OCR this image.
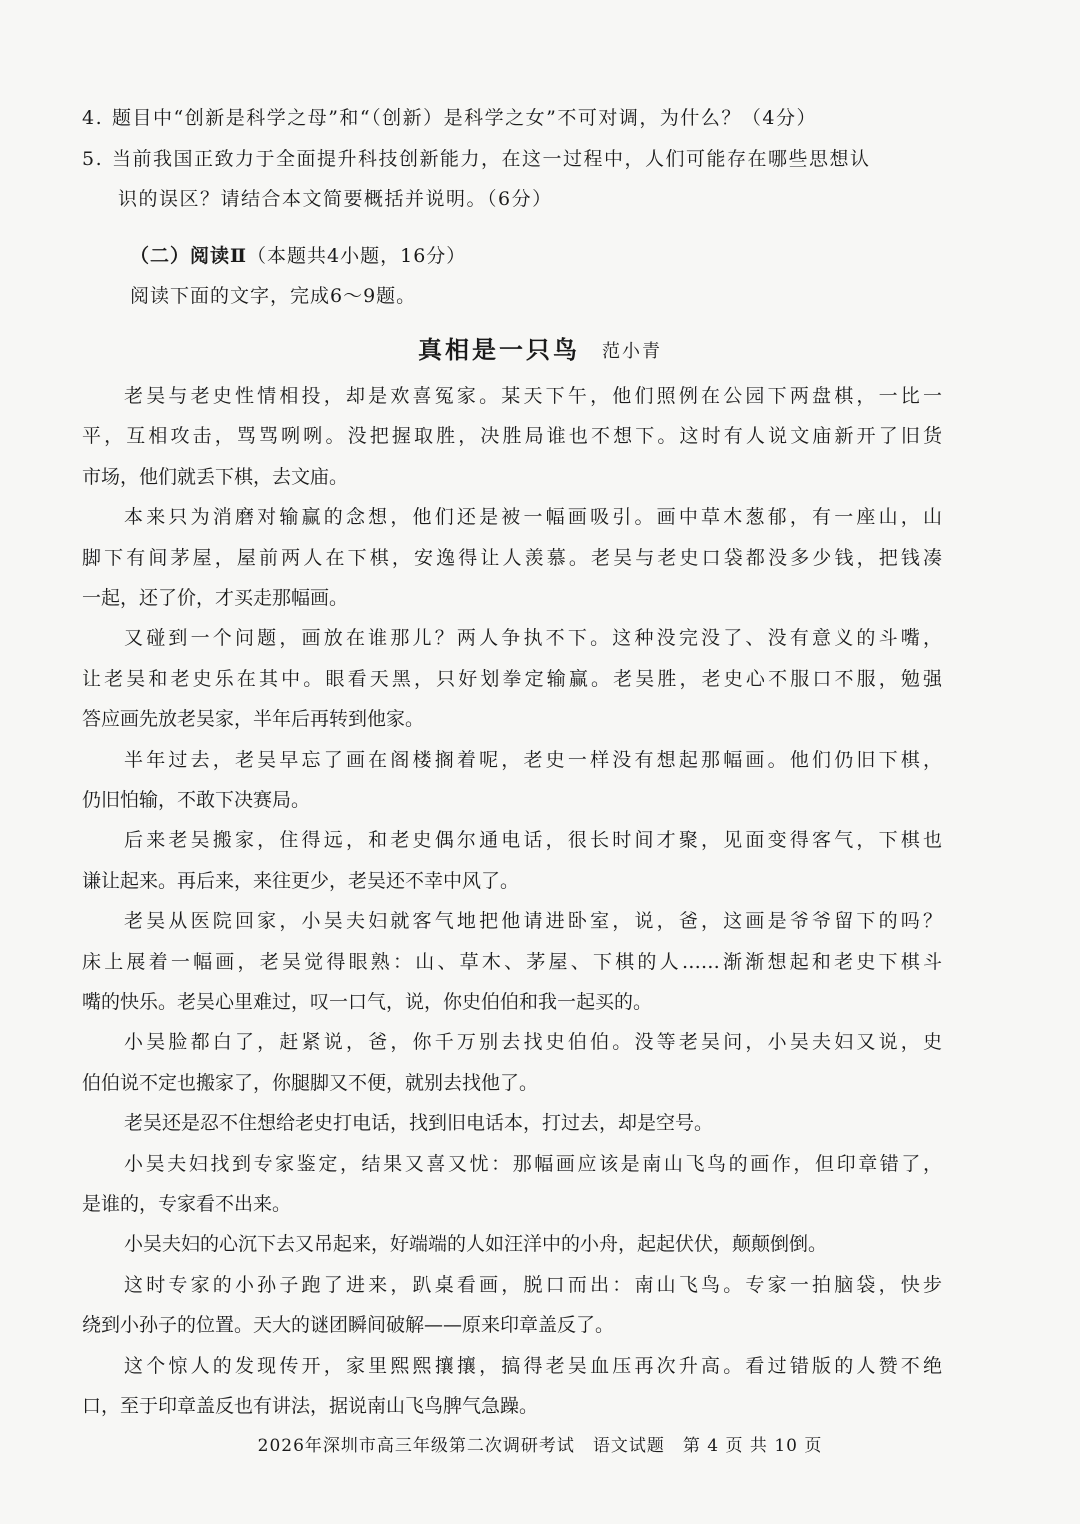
4. 题目中“创新是科学之母”和“（创新）是科学之女”不可对调，为什么？（4分）
5. 当前我国正致力于全面提升科技创新能力，在这一过程中，人们可能存在哪些思想认
识的误区？请结合本文简要概括并说明。（6分）
（二）阅读Ⅱ（本题共4小题，16分）
阅读下面的文字，完成6～9题。
真相是一只鸟 范小青
老吴与老史性情相投，却是欢喜冤家。某天下午，他们照例在公园下两盘棋，一比一
平，互相攻击，骂骂咧咧。没把握取胜，决胜局谁也不想下。这时有人说文庙新开了旧货
市场，他们就丢下棋，去文庙。
本来只为消磨对输赢的念想，他们还是被一幅画吸引。画中草木葱郁，有一座山，山
脚下有间茅屋，屋前两人在下棋，安逸得让人羡慕。老吴与老史口袋都没多少钱，把钱凑
一起，还了价，才买走那幅画。
又碰到一个问题，画放在谁那儿？两人争执不下。这种没完没了、没有意义的斗嘴，
让老吴和老史乐在其中。眼看天黑，只好划拳定输赢。老吴胜，老史心不服口不服，勉强
答应画先放老吴家，半年后再转到他家。
半年过去，老吴早忘了画在阁楼搁着呢，老史一样没有想起那幅画。他们仍旧下棋，
仍旧怕输，不敢下决赛局。
后来老吴搬家，住得远，和老史偶尔通电话，很长时间才聚，见面变得客气，下棋也
谦让起来。再后来，来往更少，老吴还不幸中风了。
老吴从医院回家，小吴夫妇就客气地把他请进卧室，说，爸，这画是爷爷留下的吗？
床上展着一幅画，老吴觉得眼熟：山、草木、茅屋、下棋的人……渐渐想起和老史下棋斗
嘴的快乐。老吴心里难过，叹一口气，说，你史伯伯和我一起买的。
小吴脸都白了，赶紧说，爸，你千万别去找史伯伯。没等老吴问，小吴夫妇又说，史
伯伯说不定也搬家了，你腿脚又不便，就别去找他了。
老吴还是忍不住想给老史打电话，找到旧电话本，打过去，却是空号。
小吴夫妇找到专家鉴定，结果又喜又忧：那幅画应该是南山飞鸟的画作，但印章错了，
是谁的，专家看不出来。
小吴夫妇的心沉下去又吊起来，好端端的人如汪洋中的小舟，起起伏伏，颠颠倒倒。
这时专家的小孙子跑了进来，趴桌看画，脱口而出：南山飞鸟。专家一拍脑袋，快步
绕到小孙子的位置。天大的谜团瞬间破解——原来印章盖反了。
这个惊人的发现传开，家里熙熙攘攘，搞得老吴血压再次升高。看过错版的人赞不绝
口，至于印章盖反也有讲法，据说南山飞鸟脾气急躁。
2026年深圳市高三年级第二次调研考试　语文试题　第 4 页 共 10 页
